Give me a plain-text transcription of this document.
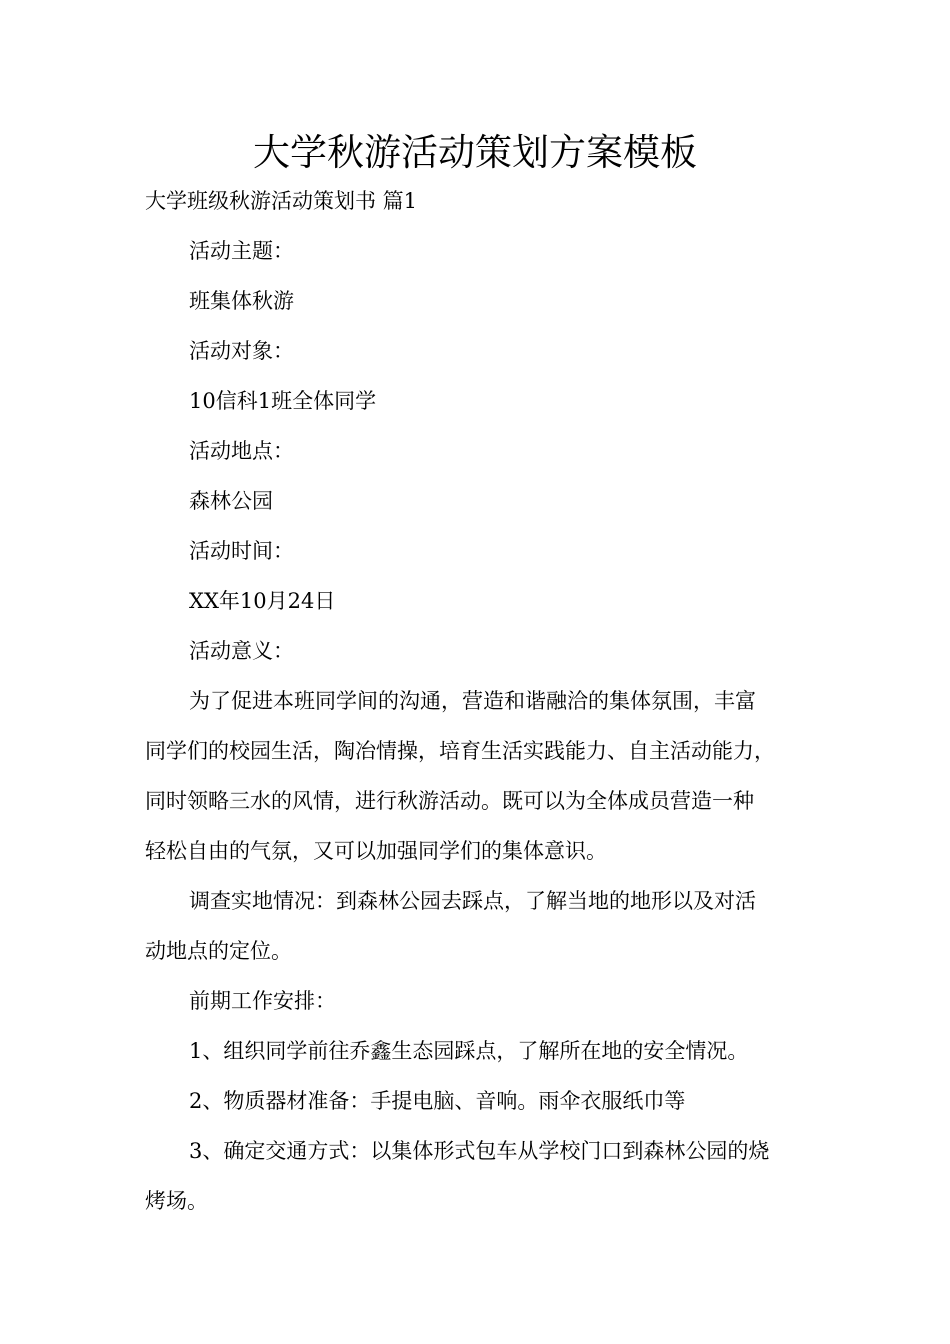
大学秋游活动策划方案模板

大学班级秋游活动策划书 篇1

活动主题：

班集体秋游

活动对象：

10信科1班全体同学

活动地点：

森林公园

活动时间：

XX年10月24日

活动意义：

为了促进本班同学间的沟通，营造和谐融洽的集体氛围，丰富

同学们的校园生活，陶冶情操，培育生活实践能力、自主活动能力，

同时领略三水的风情，进行秋游活动。既可以为全体成员营造一种

轻松自由的气氛，又可以加强同学们的集体意识。

调查实地情况：到森林公园去踩点，了解当地的地形以及对活

动地点的定位。

前期工作安排：

1、组织同学前往乔鑫生态园踩点，了解所在地的安全情况。

2、物质器材准备：手提电脑、音响。雨伞衣服纸巾等

3、确定交通方式：以集体形式包车从学校门口到森林公园的烧

烤场。
